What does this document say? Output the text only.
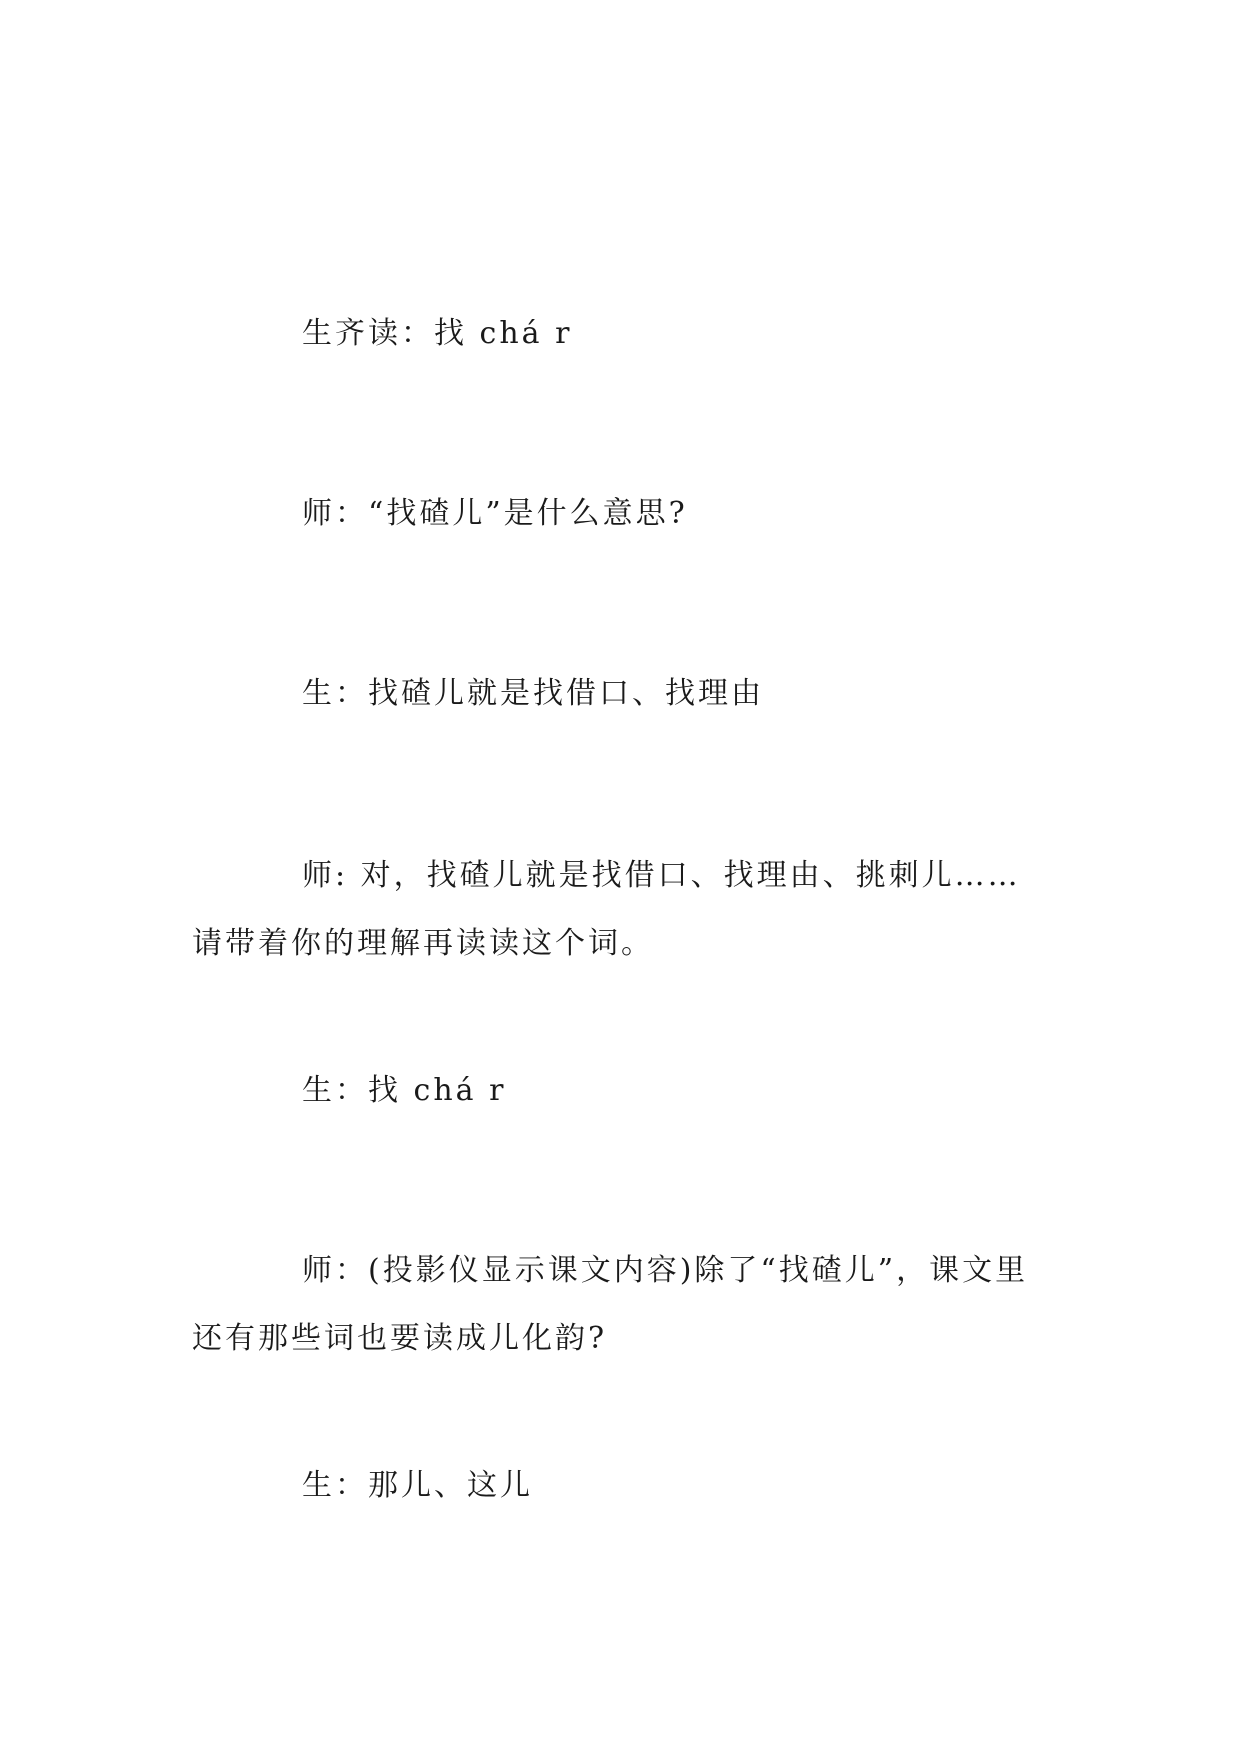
生齐读：找 chá r

师：“找碴儿”是什么意思?

生：找碴儿就是找借口、找理由

师: 对，找碴儿就是找借口、找理由、挑刺儿……请带着你的理解再读读这个词。

生：找 chá r

师：(投影仪显示课文内容)除了“找碴儿”，课文里还有那些词也要读成儿化韵?

生：那儿、这儿
